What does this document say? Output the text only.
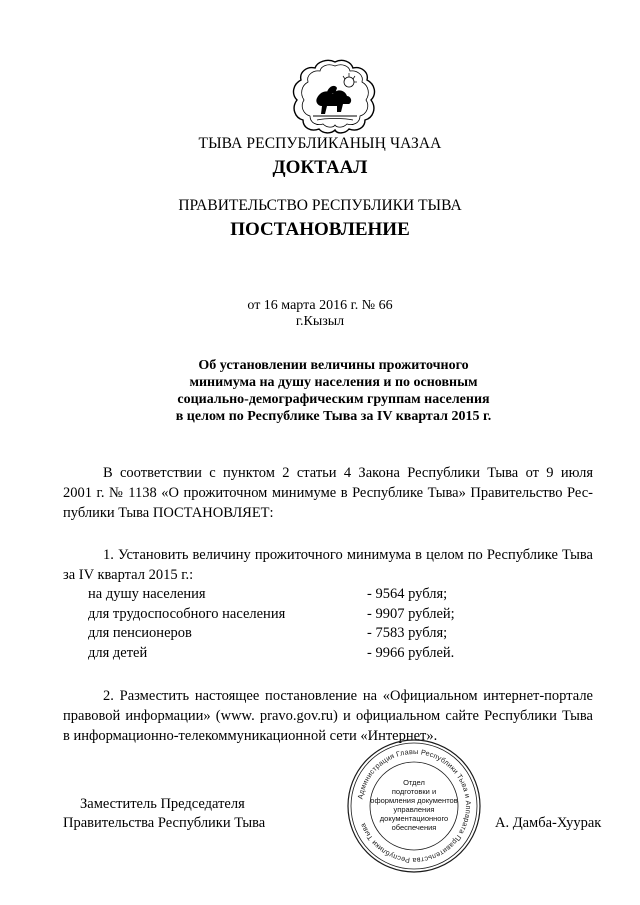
ТЫВА РЕСПУБЛИКАНЫҢ ЧАЗАА
ДОКТААЛ
ПРАВИТЕЛЬСТВО РЕСПУБЛИКИ ТЫВА
ПОСТАНОВЛЕНИЕ
от 16 марта 2016 г. № 66
г.Кызыл
Об установлении величины прожиточного
минимума на душу населения и по основным
социально-демографическим группам населения
в целом по Республике Тыва за IV квартал 2015 г.
В соответствии с пунктом 2 статьи 4 Закона Республики Тыва от 9 июля
2001 г. № 1138 «О прожиточном минимуме в Республике Тыва» Правительство Рес-
публики Тыва ПОСТАНОВЛЯЕТ:
1. Установить величину прожиточного минимума в целом по Республике Тыва
за IV квартал 2015 г.:
на душу населения	- 9564 рубля;
для трудоспособного населения	- 9907 рублей;
для пенсионеров	- 7583 рубля;
для детей	- 9966 рублей.
2. Разместить настоящее постановление на «Официальном интернет-портале
правовой информации» (www. pravo.gov.ru) и официальном сайте Республики Тыва
в информационно-телекоммуникационной сети «Интернет».
Администрация Главы Республики Тыва и Аппарата Правительства Республики Тыва
Отдел
подготовки и
оформления документов
управления
документационного
обеспечения
Заместитель Председателя
Правительства Республики Тыва	А. Дамба-Хуурак
